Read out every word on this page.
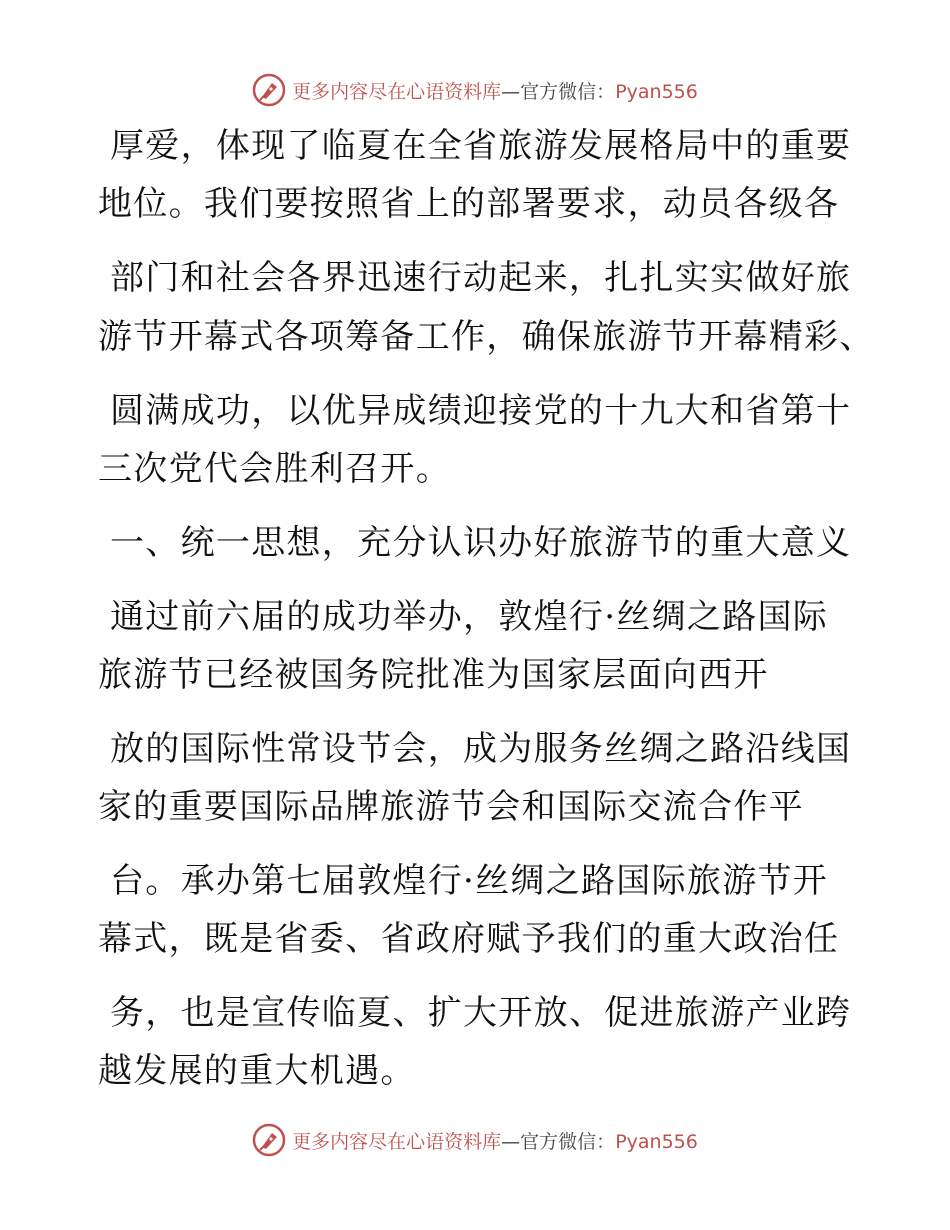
更多内容尽在心语资料库—官方微信：Pyan556
厚爱，体现了临夏在全省旅游发展格局中的重要
地位。我们要按照省上的部署要求，动员各级各
部门和社会各界迅速行动起来，扎扎实实做好旅
游节开幕式各项筹备工作，确保旅游节开幕精彩、
圆满成功，以优异成绩迎接党的十九大和省第十
三次党代会胜利召开。
一、统一思想，充分认识办好旅游节的重大意义
通过前六届的成功举办，敦煌行·丝绸之路国际
旅游节已经被国务院批准为国家层面向西开
放的国际性常设节会，成为服务丝绸之路沿线国
家的重要国际品牌旅游节会和国际交流合作平
台。承办第七届敦煌行·丝绸之路国际旅游节开
幕式，既是省委、省政府赋予我们的重大政治任
务，也是宣传临夏、扩大开放、促进旅游产业跨
越发展的重大机遇。
更多内容尽在心语资料库—官方微信：Pyan556
